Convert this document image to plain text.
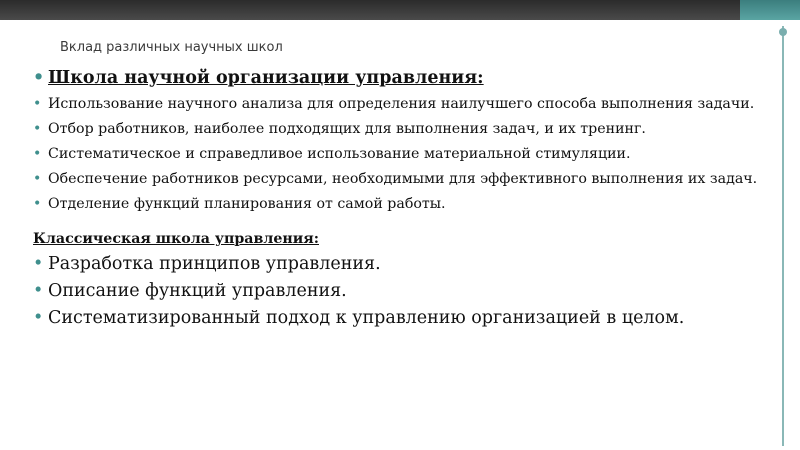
Вклад различных научных школ
• Школа научной организации управления:
• Использование научного анализа для определения наилучшего способа выполнения задачи.
• Отбор работников, наиболее подходящих для выполнения задач, и их тренинг.
• Систематическое и справедливое использование материальной стимуляции.
• Обеспечение работников ресурсами, необходимыми для эффективного выполнения их задач.
• Отделение функций планирования от самой работы.
Классическая школа управления:
• Разработка принципов управления.
• Описание функций управления.
• Систематизированный подход к управлению организацией в целом.
